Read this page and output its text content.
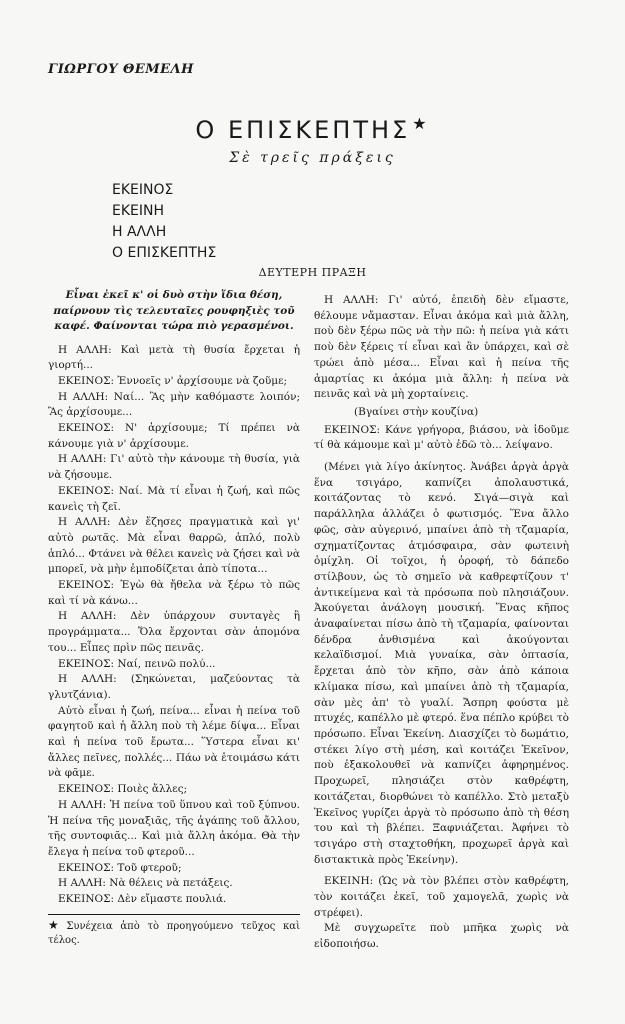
ΓΙΩΡΓΟΥ ΘΕΜΕΛΗ
Ο ΕΠΙΣΚΕΠΤΗΣ ★
Σὲ τρεῖς πράξεις
ΕΚΕΙΝΟΣ
ΕΚΕΙΝΗ
Η ΑΛΛΗ
Ο ΕΠΙΣΚΕΠΤΗΣ
ΔΕΥΤΕΡΗ ΠΡΑΞΗ
Εἶναι ἐκεῖ κ' οἱ δυὸ στὴν ἴδια θέση, παίρνουν τὶς τελευταῖες ρουφηξιὲς τοῦ καφέ. Φαίνονται τώρα πιὸ γερασμένοι.

Η ΑΛΛΗ: Καὶ μετὰ τὴ θυσία ἔρχεται ἡ γιορτή...

ΕΚΕΙΝΟΣ: Ἐννοεῖς ν' ἀρχίσουμε νὰ ζοῦμε;

Η ΑΛΛΗ: Ναί... Ἂς μὴν καθόμαστε λοιπόν; Ἂς ἀρχίσουμε...

ΕΚΕΙΝΟΣ: Ν' ἀρχίσουμε; Τί πρέπει νὰ κάνουμε γιὰ ν' ἀρχίσουμε.

Η ΑΛΛΗ: Γι' αὐτὸ τὴν κάνουμε τὴ θυσία, γιὰ νὰ ζήσουμε.

ΕΚΕΙΝΟΣ: Ναί. Μὰ τί εἶναι ἡ ζωή, καὶ πῶς κανεὶς τὴ ζεῖ.

Η ΑΛΛΗ: Δὲν ἔζησες πραγματικὰ καὶ γι' αὐτὸ ρωτᾶς. Μὰ εἶναι θαρρῶ, ἁπλό, πολὺ ἁπλό... Φτάνει νὰ θέλει κανεὶς νὰ ζήσει καὶ νὰ μπορεῖ, νὰ μὴν ἐμποδίζεται ἀπὸ τίποτα...

ΕΚΕΙΝΟΣ: Ἐγὼ θὰ ἤθελα νὰ ξέρω τὸ πῶς καὶ τί νὰ κάνω...

Η ΑΛΛΗ: Δὲν ὑπάρχουν συνταγὲς ἢ προγράμματα... Ὅλα ἔρχονται σὰν ἀπομόνα του... Εἶπες πρὶν πῶς πεινᾶς.

ΕΚΕΙΝΟΣ: Ναί, πεινῶ πολύ...

Η ΑΛΛΗ: (Σηκώνεται, μαζεύοντας τὰ γλυτζάνια).

Αὐτὸ εἶναι ἡ ζωή, πείνα... εἶναι ἡ πείνα τοῦ φαγητοῦ καὶ ἡ ἄλλη ποὺ τὴ λέμε δίψα... Εἶναι καὶ ἡ πείνα τοῦ ἔρωτα... Ὕστερα εἶναι κι' ἄλλες πεῖνες, πολλές... Πάω νὰ ἑτοιμάσω κάτι νὰ φᾶμε.

ΕΚΕΙΝΟΣ: Ποιὲς ἄλλες;

Η ΑΛΛΗ: Ἡ πείνα τοῦ ὕπνου καὶ τοῦ ξύπνου. Ἡ πείνα τῆς μοναξιᾶς, τῆς ἀγάπης τοῦ ἄλλου, τῆς συντοφιᾶς... Καὶ μιὰ ἄλλη ἀκόμα. Θὰ τὴν ἔλεγα ἡ πείνα τοῦ φτεροῦ...

ΕΚΕΙΝΟΣ: Τοῦ φτεροῦ;

Η ΑΛΛΗ: Νὰ θέλεις νὰ πετάξεις.

ΕΚΕΙΝΟΣ: Δὲν εἴμαστε πουλιά.

★ Συνέχεια ἀπὸ τὸ προηγούμενο τεῦχος καὶ τέλος.

Η ΑΛΛΗ: Γι' αὐτό, ἐπειδὴ δὲν εἴμαστε, θέλουμε νἄμασταν. Εἶναι ἀκόμα καὶ μιὰ ἄλλη, ποὺ δὲν ξέρω πῶς νὰ τὴν πῶ: ἡ πείνα γιὰ κάτι ποὺ δὲν ξέρεις τί εἶναι καὶ ἂν ὑπάρχει, καὶ σὲ τρώει ἀπὸ μέσα... Εἶναι καὶ ἡ πείνα τῆς ἁμαρτίας κι ἀκόμα μιὰ ἄλλη: ἡ πείνα νὰ πεινᾶς καὶ νὰ μὴ χορταίνεις.

(Βγαίνει στὴν κουζίνα)

ΕΚΕΙΝΟΣ: Κάνε γρήγορα, βιάσου, νὰ ἰδοῦμε τί θὰ κάμουμε καὶ μ' αὐτὸ ἐδῶ τὸ... λείψανο.

(Μένει γιὰ λίγο ἀκίνητος. Ἀνάβει ἀργὰ ἀργὰ ἕνα τσιγάρο, καπνίζει ἀπολαυστικά, κοιτάζοντας τὸ κενό. Σιγά—σιγὰ καὶ παράλληλα ἀλλάζει ὁ φωτισμός. Ἕνα ἄλλο φῶς, σὰν αὐγερινό, μπαίνει ἀπὸ τὴ τζαμαρία, σχηματίζοντας ἀτμόσφαιρα, σὰν φωτεινὴ ὁμίχλη. Οἱ τοῖχοι, ἡ ὀροφή, τὸ δάπεδο στίλβουν, ὡς τὸ σημεῖο νὰ καθρεφτίζουν τ' ἀντικείμενα καὶ τὰ πρόσωπα ποὺ πλησιάζουν. Ἀκούγεται ἀνάλογη μουσική. Ἕνας κῆπος ἀναφαίνεται πίσω ἀπὸ τὴ τζαμαρία, φαίνονται δένδρα ἀνθισμένα καὶ ἀκούγονται κελαϊδισμοί. Μιὰ γυναίκα, σὰν ὀπτασία, ἔρχεται ἀπὸ τὸν κῆπο, σὰν ἀπὸ κάποια κλίμακα πίσω, καὶ μπαίνει ἀπὸ τὴ τζαμαρία, σὰν μὲς ἀπ' τὸ γυαλί. Ἄσπρη φούστα μὲ πτυχές, καπέλλο μὲ φτερό. ἕνα πέπλο κρύβει τὸ πρόσωπο. Εἶναι Ἐκείνη. Διασχίζει τὸ δωμάτιο, στέκει λίγο στὴ μέση, καὶ κοιτάζει Ἐκεῖνον, ποὺ ἐξακολουθεῖ νὰ καπνίζει ἀφηρημένος. Προχωρεῖ, πλησιάζει στὸν καθρέφτη, κοιτάζεται, διορθώνει τὸ καπέλλο. Στὸ μεταξὺ Ἐκεῖνος γυρίζει ἀργὰ τὸ πρόσωπο ἀπὸ τὴ θέση του καὶ τὴ βλέπει. Ξαφνιάζεται. Ἀφήνει τὸ τσιγάρο στὴ σταχτοθήκη, προχωρεῖ ἀργὰ καὶ διστακτικὰ πρὸς Ἐκείνην).

ΕΚΕΙΝΗ: (Ὡς νὰ τὸν βλέπει στὸν καθρέφτη, τὸν κοιτάζει ἐκεῖ, τοῦ χαμογελᾶ, χωρὶς νὰ στρέφει).

Μὲ συγχωρεῖτε ποὺ μπῆκα χωρὶς νὰ εἰδοποιήσω.
